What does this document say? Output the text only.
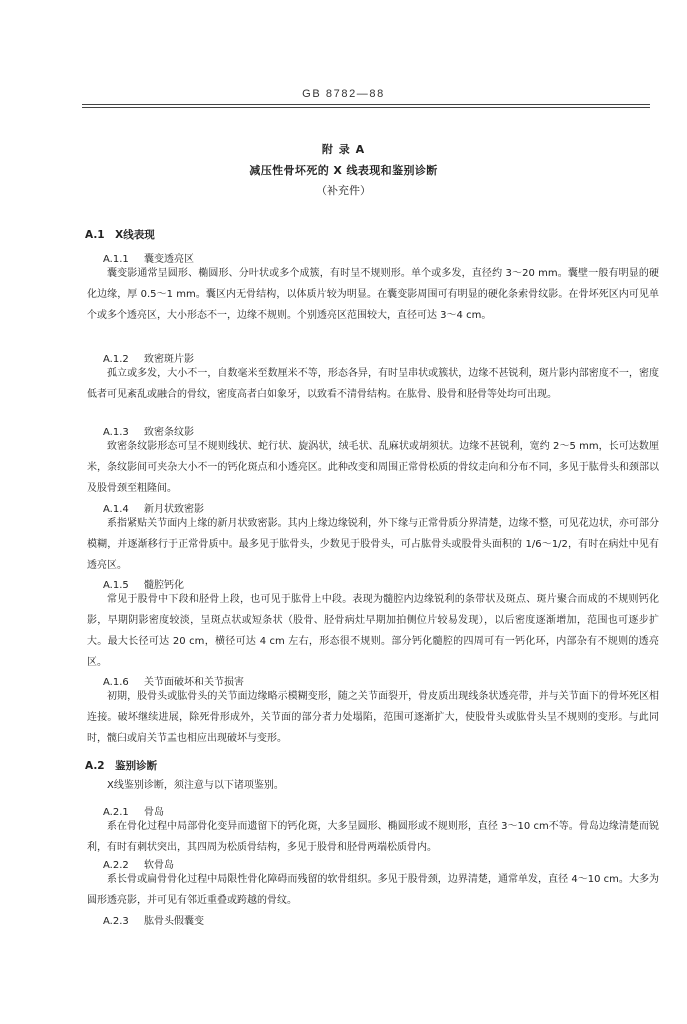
GB 8782—88
附 录 A
减压性骨坏死的 X 线表现和鉴别诊断
（补充件）
A.1　X线表现
A.1.1 囊变透亮区

囊变影通常呈圆形、椭圆形、分叶状或多个成簇，有时呈不规则形。单个或多发，直径约 3～20 mm。囊壁一般有明显的硬化边缘，厚 0.5～1 mm。囊区内无骨结构，以体质片较为明显。在囊变影周围可有明显的硬化条索骨纹影。在骨坏死区内可见单个或多个透亮区，大小形态不一，边缘不规则。个别透亮区范围较大，直径可达 3～4 cm。

A.1.2 致密斑片影

孤立或多发，大小不一，自数毫米至数厘米不等，形态各异，有时呈串状或簇状，边缘不甚锐利，斑片影内部密度不一，密度低者可见紊乱或融合的骨纹，密度高者白如象牙，以致看不清骨结构。在肱骨、股骨和胫骨等处均可出现。

A.1.3 致密条纹影

致密条纹影形态可呈不规则线状、蛇行状、旋涡状，绒毛状、乱麻状或胡须状。边缘不甚锐利，宽约 2～5 mm，长可达数厘米，条纹影间可夹杂大小不一的钙化斑点和小透亮区。此种改变和周围正常骨松质的骨纹走向和分布不同，多见于肱骨头和颈部以及股骨颈至粗隆间。

A.1.4 新月状致密影

系指紧贴关节面内上缘的新月状致密影。其内上缘边缘锐利，外下缘与正常骨质分界清楚，边缘不整，可见花边状，亦可部分模糊，并逐渐移行于正常骨质中。最多见于肱骨头，少数见于股骨头，可占肱骨头或股骨头面积的 1/6～1/2，有时在病灶中见有透亮区。

A.1.5 髓腔钙化

常见于股骨中下段和胫骨上段，也可见于肱骨上中段。表现为髓腔内边缘锐利的条带状及斑点、斑片聚合而成的不规则钙化影，早期阴影密度较淡，呈斑点状或短条状（股骨、胫骨病灶早期加拍侧位片较易发现），以后密度逐渐增加，范围也可逐步扩大。最大长径可达 20 cm，横径可达 4 cm 左右，形态很不规则。部分钙化髓腔的四周可有一钙化环，内部杂有不规则的透亮区。

A.1.6 关节面破坏和关节损害

初期，股骨头或肱骨头的关节面边缘略示模糊变形，随之关节面裂开，骨皮质出现线条状透亮带，并与关节面下的骨坏死区相连接。破坏继续进展，除死骨形成外，关节面的部分者力处塌陷，范围可逐渐扩大，使股骨头或肱骨头呈不规则的变形。与此同时，髋臼或肩关节盂也相应出现破坏与变形。

A.2　鉴别诊断

X线鉴别诊断，须注意与以下诸项鉴别。

A.2.1 骨岛

系在骨化过程中局部骨化变异而遗留下的钙化斑，大多呈圆形、椭圆形或不规则形，直径 3～10 cm不等。骨岛边缘清楚而锐利，有时有刺状突出，其四周为松质骨结构，多见于股骨和胫骨两端松质骨内。

A.2.2 软骨岛

系长骨或扁骨骨化过程中局限性骨化障碍而残留的软骨组织。多见于股骨颈，边界清楚，通常单发，直径 4～10 cm。大多为圆形透亮影，并可见有邻近重叠或跨越的骨纹。

A.2.3 肱骨头假囊变
